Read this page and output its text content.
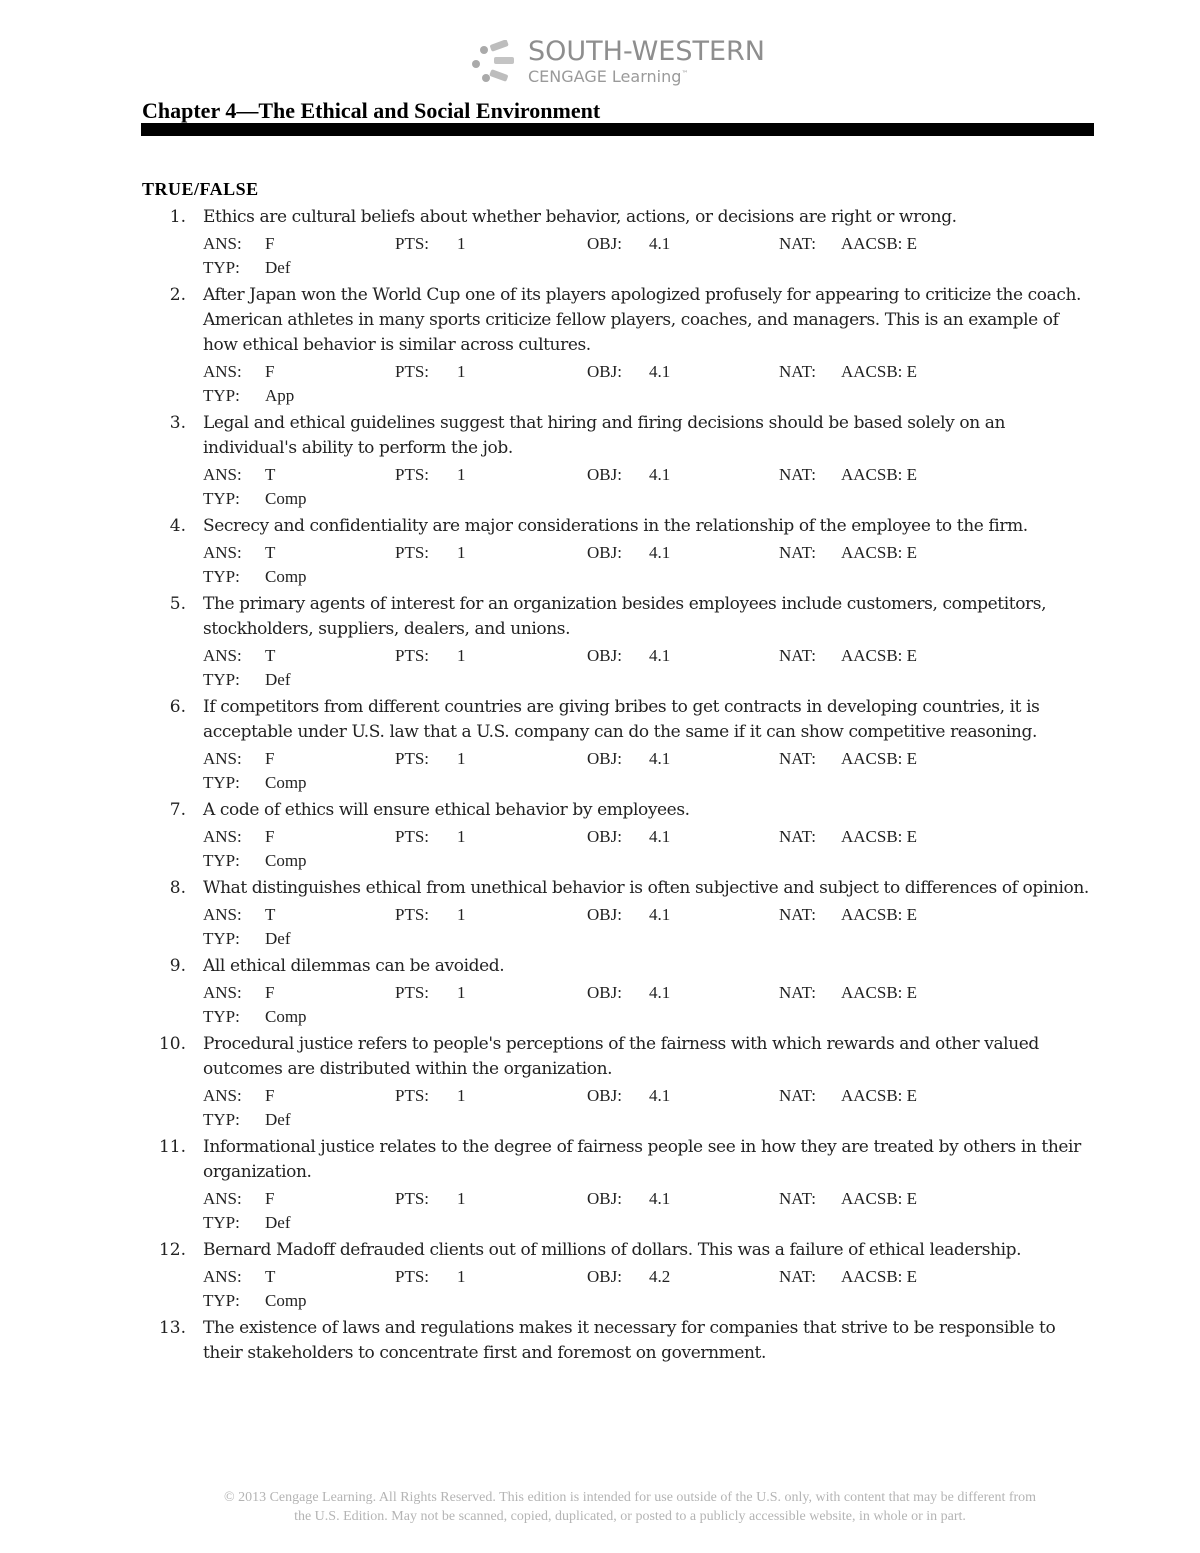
SOUTH-WESTERN
CENGAGE Learning™
Chapter 4—The Ethical and Social Environment
TRUE/FALSE
1. Ethics are cultural beliefs about whether behavior, actions, or decisions are right or wrong.
ANS: F	PTS: 1	OBJ: 4.1	NAT: AACSB: E
TYP: Def
2. After Japan won the World Cup one of its players apologized profusely for appearing to criticize the coach. American athletes in many sports criticize fellow players, coaches, and managers. This is an example of how ethical behavior is similar across cultures.
ANS: F	PTS: 1	OBJ: 4.1	NAT: AACSB: E
TYP: App
3. Legal and ethical guidelines suggest that hiring and firing decisions should be based solely on an individual's ability to perform the job.
ANS: T	PTS: 1	OBJ: 4.1	NAT: AACSB: E
TYP: Comp
4. Secrecy and confidentiality are major considerations in the relationship of the employee to the firm.
ANS: T	PTS: 1	OBJ: 4.1	NAT: AACSB: E
TYP: Comp
5. The primary agents of interest for an organization besides employees include customers, competitors, stockholders, suppliers, dealers, and unions.
ANS: T	PTS: 1	OBJ: 4.1	NAT: AACSB: E
TYP: Def
6. If competitors from different countries are giving bribes to get contracts in developing countries, it is acceptable under U.S. law that a U.S. company can do the same if it can show competitive reasoning.
ANS: F	PTS: 1	OBJ: 4.1	NAT: AACSB: E
TYP: Comp
7. A code of ethics will ensure ethical behavior by employees.
ANS: F	PTS: 1	OBJ: 4.1	NAT: AACSB: E
TYP: Comp
8. What distinguishes ethical from unethical behavior is often subjective and subject to differences of opinion.
ANS: T	PTS: 1	OBJ: 4.1	NAT: AACSB: E
TYP: Def
9. All ethical dilemmas can be avoided.
ANS: F	PTS: 1	OBJ: 4.1	NAT: AACSB: E
TYP: Comp
10. Procedural justice refers to people's perceptions of the fairness with which rewards and other valued outcomes are distributed within the organization.
ANS: F	PTS: 1	OBJ: 4.1	NAT: AACSB: E
TYP: Def
11. Informational justice relates to the degree of fairness people see in how they are treated by others in their organization.
ANS: F	PTS: 1	OBJ: 4.1	NAT: AACSB: E
TYP: Def
12. Bernard Madoff defrauded clients out of millions of dollars. This was a failure of ethical leadership.
ANS: T	PTS: 1	OBJ: 4.2	NAT: AACSB: E
TYP: Comp
13. The existence of laws and regulations makes it necessary for companies that strive to be responsible to their stakeholders to concentrate first and foremost on government.
© 2013 Cengage Learning. All Rights Reserved. This edition is intended for use outside of the U.S. only, with content that may be different from
the U.S. Edition. May not be scanned, copied, duplicated, or posted to a publicly accessible website, in whole or in part.
